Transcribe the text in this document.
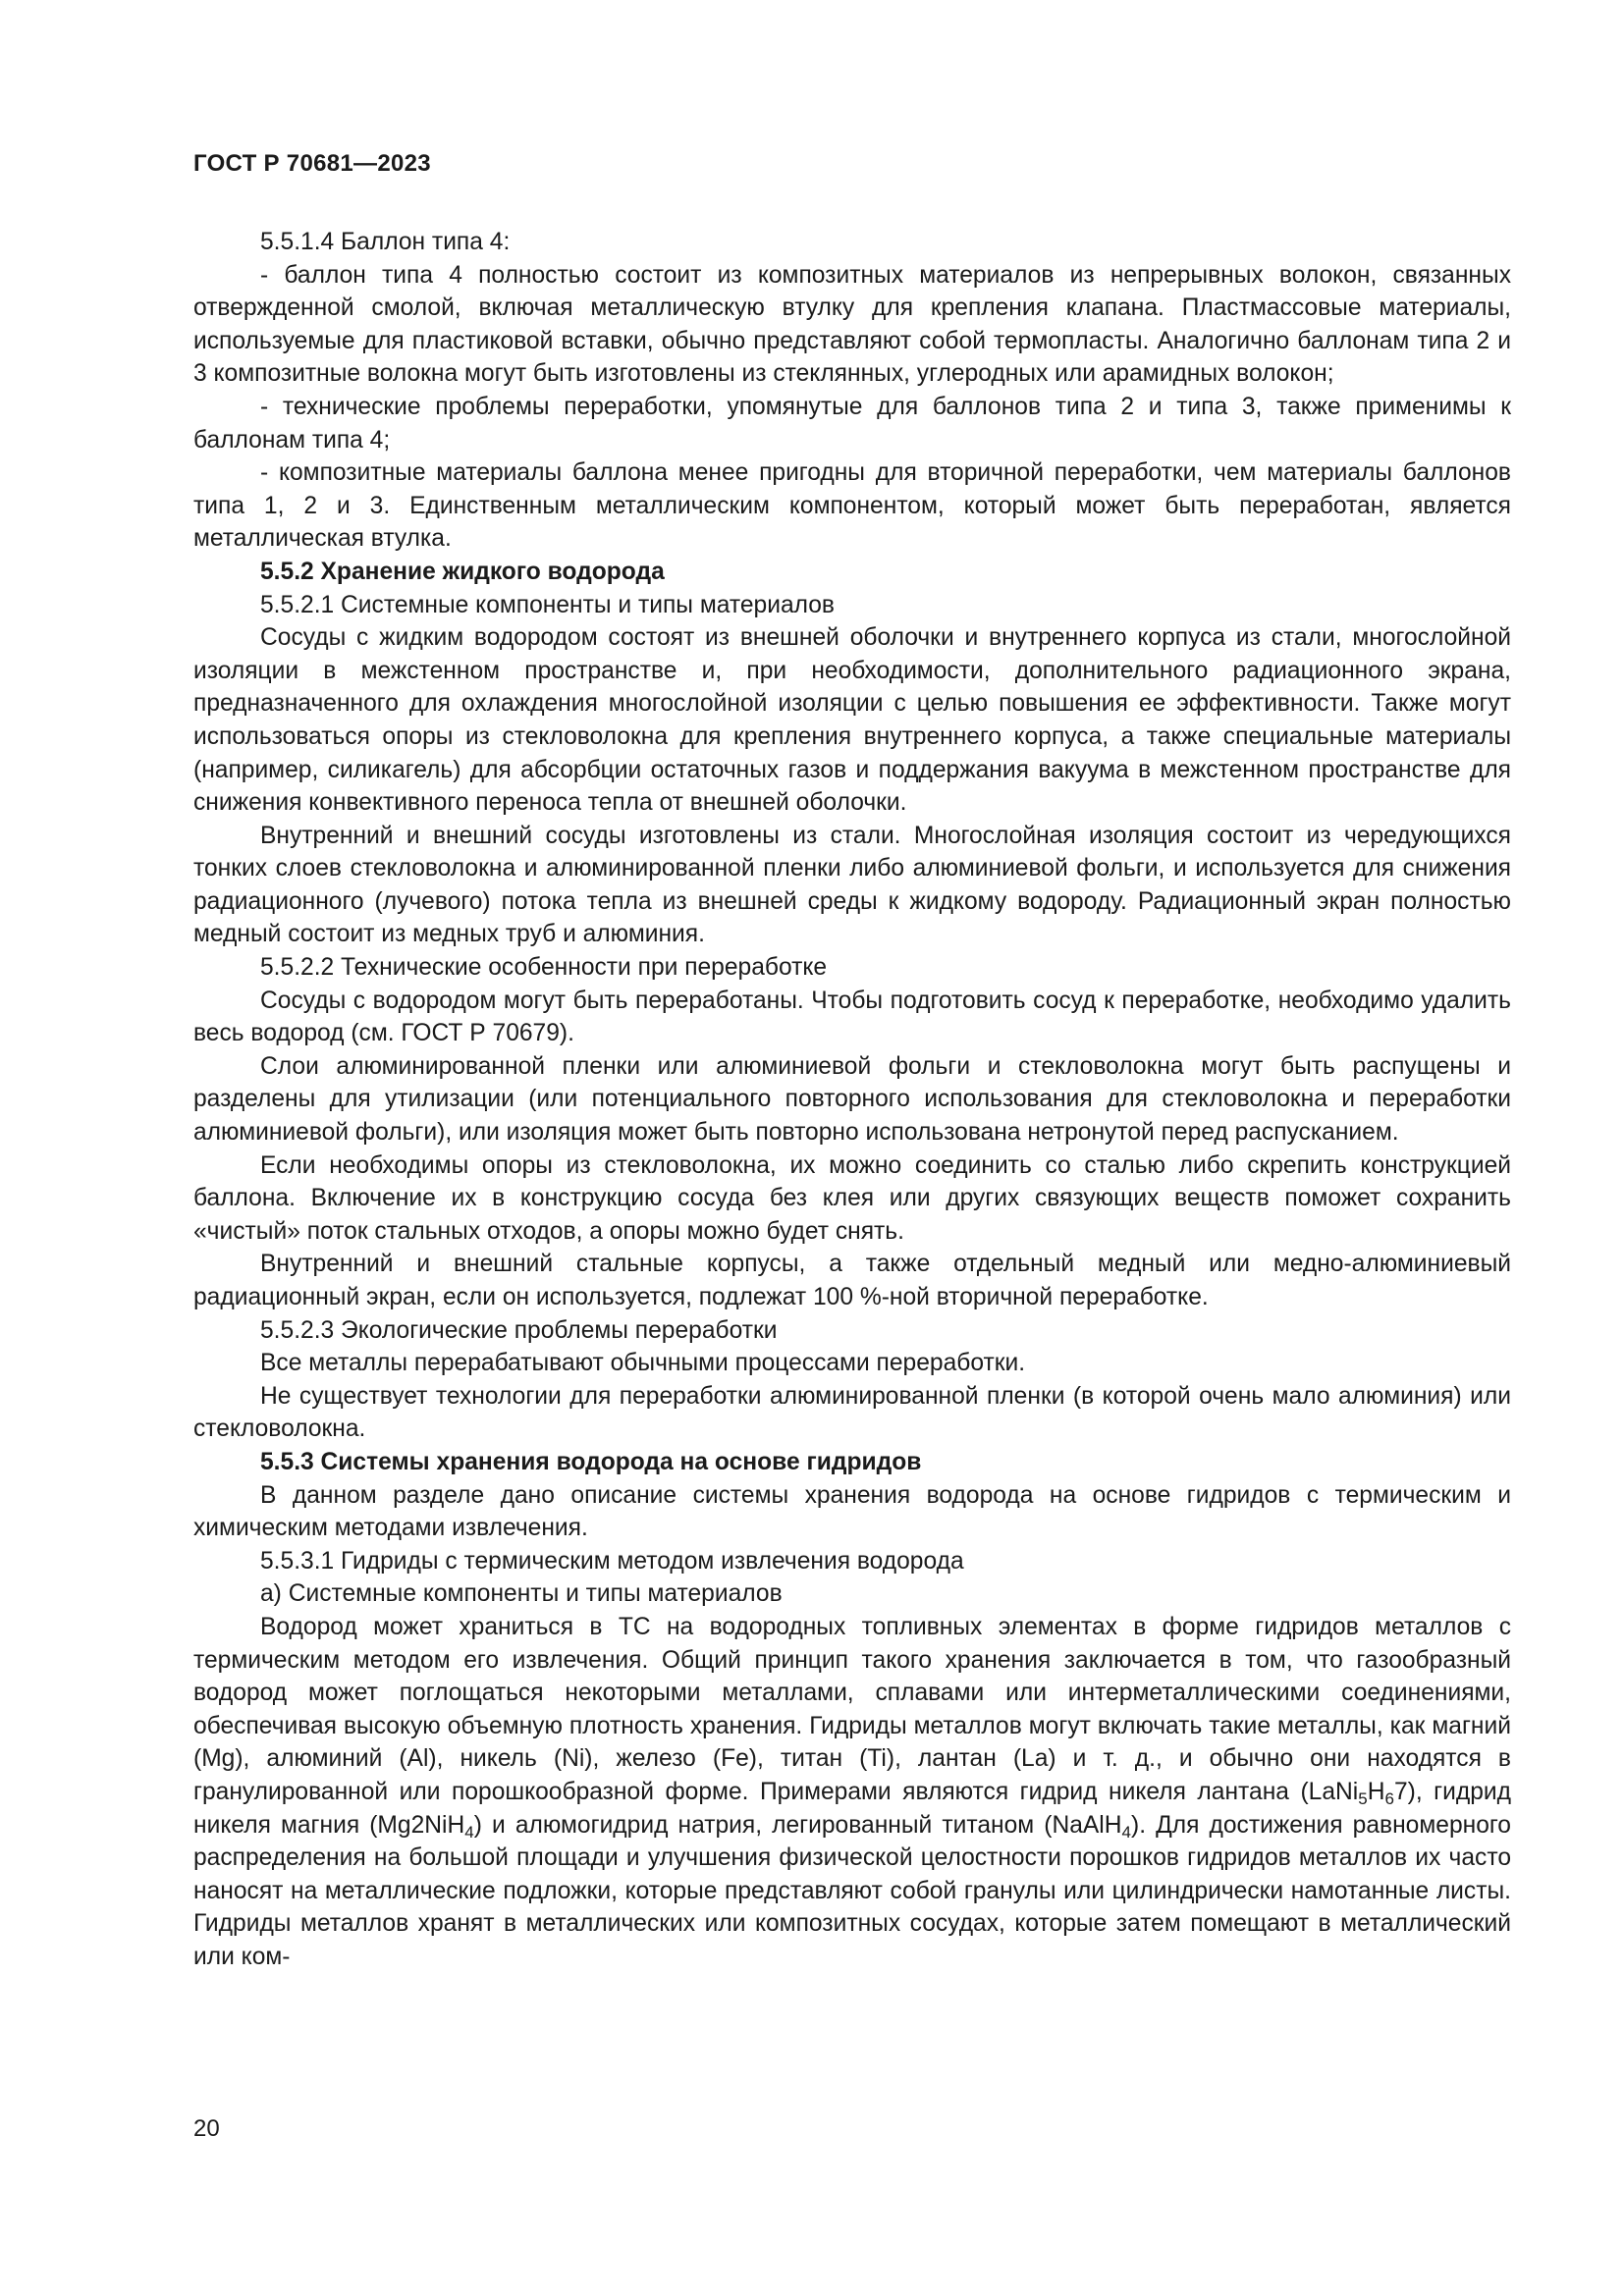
ГОСТ Р 70681—2023

5.5.1.4 Баллон типа 4:

- баллон типа 4 полностью состоит из композитных материалов из непрерывных волокон, связанных отвержденной смолой, включая металлическую втулку для крепления клапана. Пластмассовые материалы, используемые для пластиковой вставки, обычно представляют собой термопласты. Аналогично баллонам типа 2 и 3 композитные волокна могут быть изготовлены из стеклянных, углеродных или арамидных волокон;

- технические проблемы переработки, упомянутые для баллонов типа 2 и типа 3, также применимы к баллонам типа 4;

- композитные материалы баллона менее пригодны для вторичной переработки, чем материалы баллонов типа 1, 2 и 3. Единственным металлическим компонентом, который может быть переработан, является металлическая втулка.

5.5.2 Хранение жидкого водорода

5.5.2.1 Системные компоненты и типы материалов

Сосуды с жидким водородом состоят из внешней оболочки и внутреннего корпуса из стали, многослойной изоляции в межстенном пространстве и, при необходимости, дополнительного радиационного экрана, предназначенного для охлаждения многослойной изоляции с целью повышения ее эффективности. Также могут использоваться опоры из стекловолокна для крепления внутреннего корпуса, а также специальные материалы (например, силикагель) для абсорбции остаточных газов и поддержания вакуума в межстенном пространстве для снижения конвективного переноса тепла от внешней оболочки.

Внутренний и внешний сосуды изготовлены из стали. Многослойная изоляция состоит из чередующихся тонких слоев стекловолокна и алюминированной пленки либо алюминиевой фольги, и используется для снижения радиационного (лучевого) потока тепла из внешней среды к жидкому водороду. Радиационный экран полностью медный состоит из медных труб и алюминия.

5.5.2.2 Технические особенности при переработке

Сосуды с водородом могут быть переработаны. Чтобы подготовить сосуд к переработке, необходимо удалить весь водород (см. ГОСТ Р 70679).

Слои алюминированной пленки или алюминиевой фольги и стекловолокна могут быть распущены и разделены для утилизации (или потенциального повторного использования для стекловолокна и переработки алюминиевой фольги), или изоляция может быть повторно использована нетронутой перед распусканием.

Если необходимы опоры из стекловолокна, их можно соединить со сталью либо скрепить конструкцией баллона. Включение их в конструкцию сосуда без клея или других связующих веществ поможет сохранить «чистый» поток стальных отходов, а опоры можно будет снять.

Внутренний и внешний стальные корпусы, а также отдельный медный или медно-алюминиевый радиационный экран, если он используется, подлежат 100 %-ной вторичной переработке.

5.5.2.3 Экологические проблемы переработки

Все металлы перерабатывают обычными процессами переработки.

Не существует технологии для переработки алюминированной пленки (в которой очень мало алюминия) или стекловолокна.

5.5.3 Системы хранения водорода на основе гидридов

В данном разделе дано описание системы хранения водорода на основе гидридов с термическим и химическим методами извлечения.

5.5.3.1 Гидриды с термическим методом извлечения водорода

а) Системные компоненты и типы материалов

Водород может храниться в ТС на водородных топливных элементах в форме гидридов металлов с термическим методом его извлечения. Общий принцип такого хранения заключается в том, что газообразный водород может поглощаться некоторыми металлами, сплавами или интерметаллическими соединениями, обеспечивая высокую объемную плотность хранения. Гидриды металлов могут включать такие металлы, как магний (Mg), алюминий (Al), никель (Ni), железо (Fe), титан (Ti), лантан (La) и т. д., и обычно они находятся в гранулированной или порошкообразной форме. Примерами являются гидрид никеля лантана $(LaNi_5H_67)$, гидрид никеля магния (Mg2NiH$_4$) и алюмогидрид натрия, легированный титаном (NaAlH$_4$). Для достижения равномерного распределения на большой площади и улучшения физической целостности порошков гидридов металлов их часто наносят на металлические подложки, которые представляют собой гранулы или цилиндрически намотанные листы. Гидриды металлов хранят в металлических или композитных сосудах, которые затем помещают в металлический или ком-

20
